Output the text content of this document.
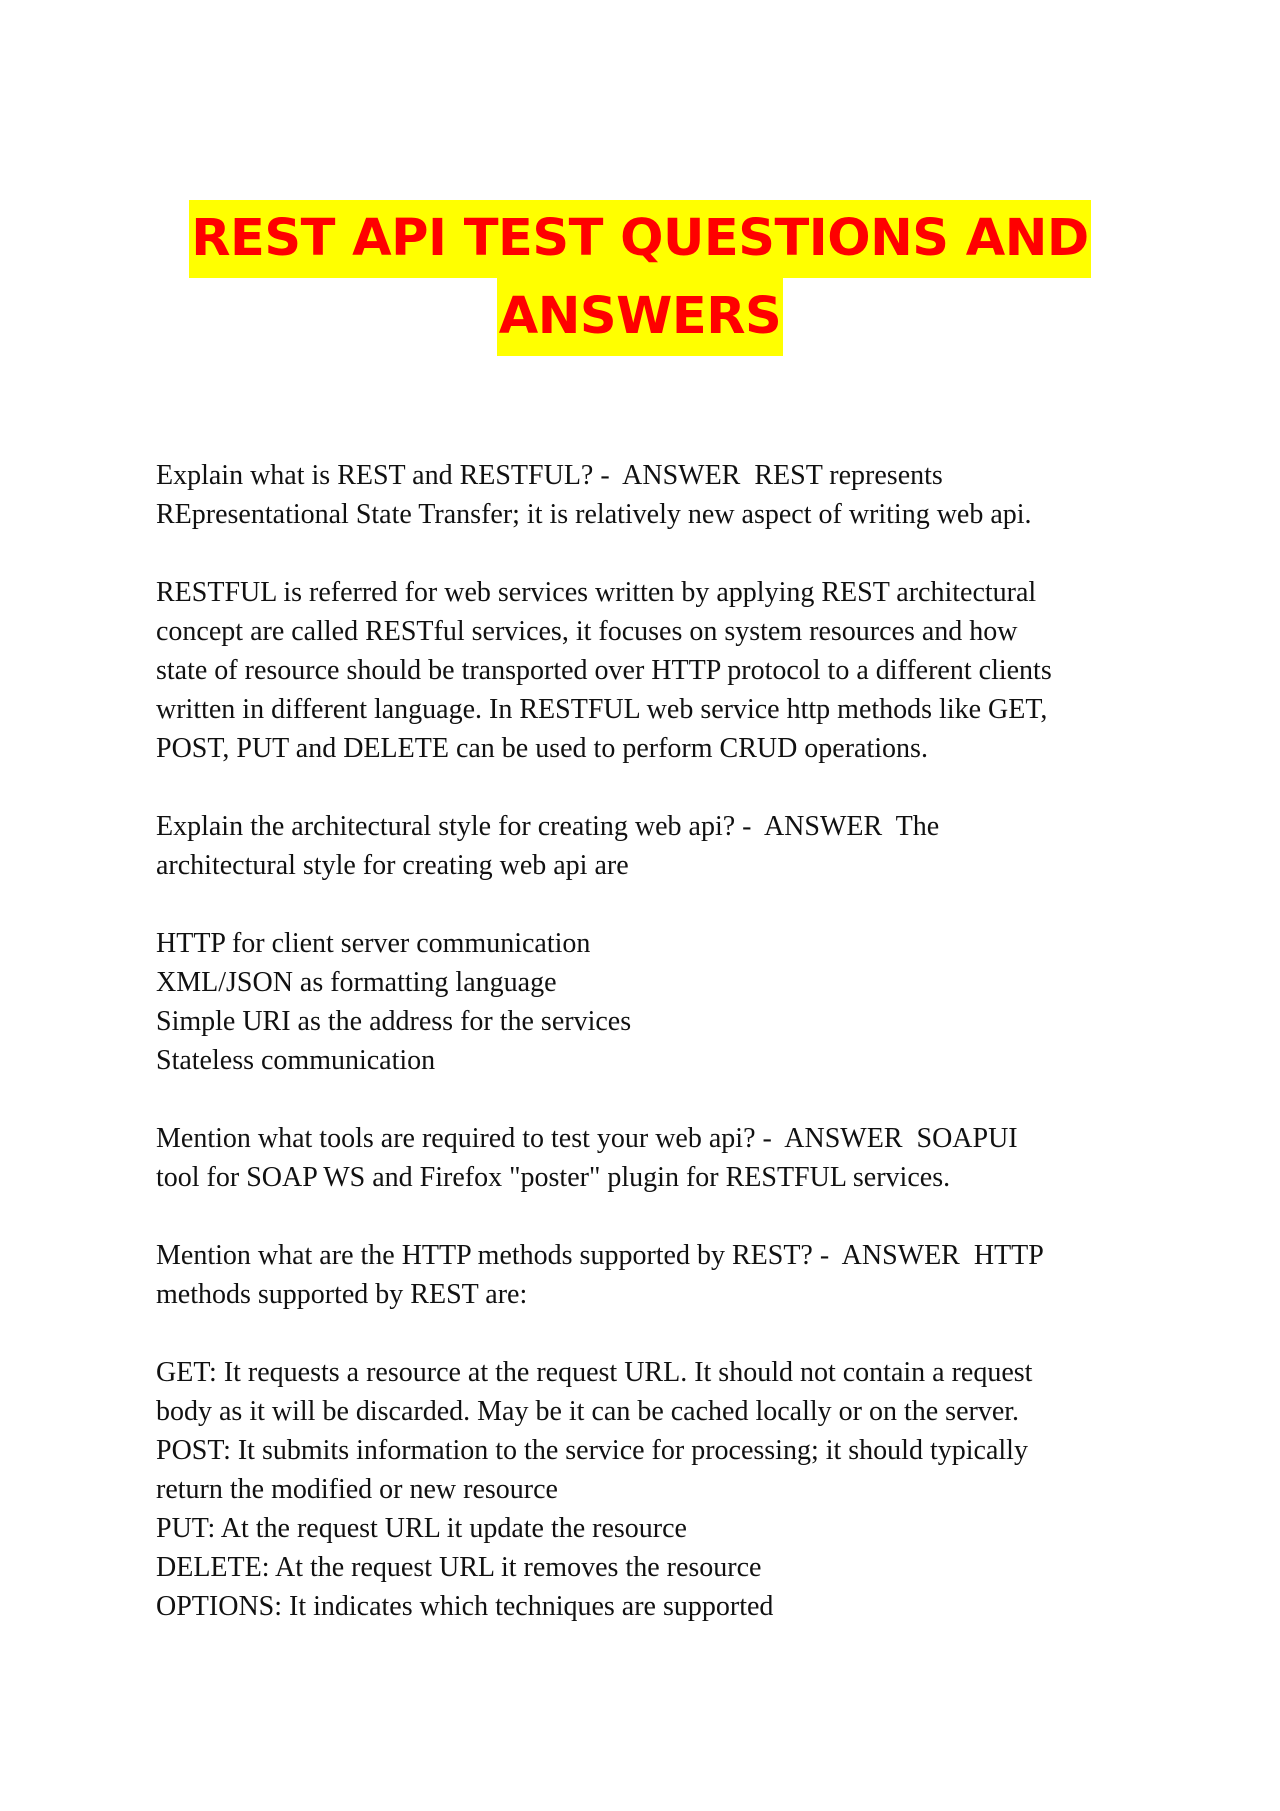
REST API TEST QUESTIONS AND
ANSWERS

Explain what is REST and RESTFUL? -  ANSWER  REST represents
REpresentational State Transfer; it is relatively new aspect of writing web api.

RESTFUL is referred for web services written by applying REST architectural
concept are called RESTful services, it focuses on system resources and how
state of resource should be transported over HTTP protocol to a different clients
written in different language. In RESTFUL web service http methods like GET,
POST, PUT and DELETE can be used to perform CRUD operations.

Explain the architectural style for creating web api? -  ANSWER  The
architectural style for creating web api are

HTTP for client server communication
XML/JSON as formatting language
Simple URI as the address for the services
Stateless communication

Mention what tools are required to test your web api? -  ANSWER  SOAPUI
tool for SOAP WS and Firefox "poster" plugin for RESTFUL services.

Mention what are the HTTP methods supported by REST? -  ANSWER  HTTP
methods supported by REST are:

GET: It requests a resource at the request URL. It should not contain a request
body as it will be discarded. May be it can be cached locally or on the server.
POST: It submits information to the service for processing; it should typically
return the modified or new resource
PUT: At the request URL it update the resource
DELETE: At the request URL it removes the resource
OPTIONS: It indicates which techniques are supported
